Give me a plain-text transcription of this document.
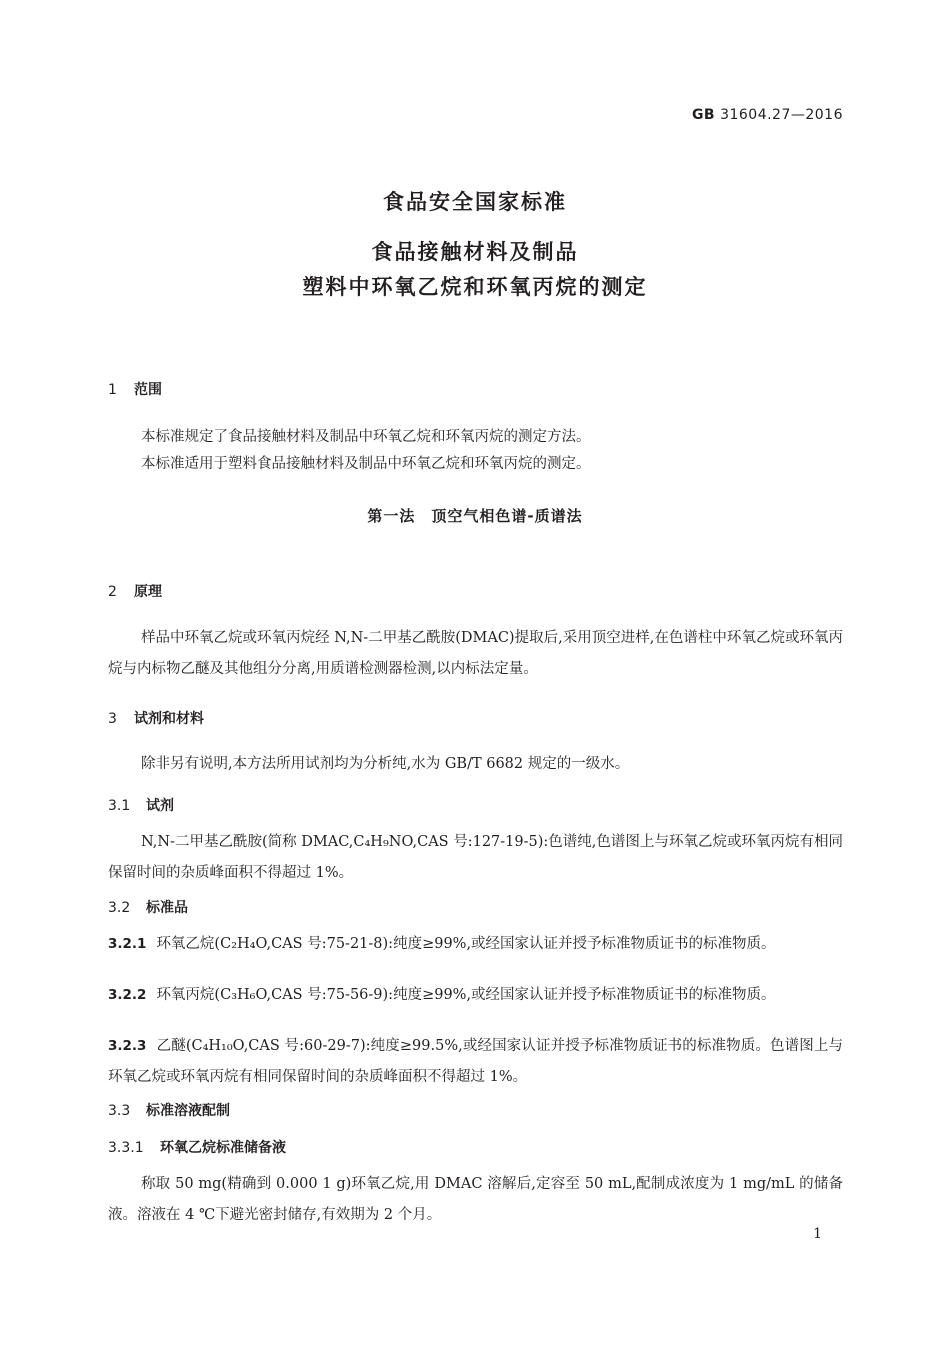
GB 31604.27—2016
食品安全国家标准
食品接触材料及制品
塑料中环氧乙烷和环氧丙烷的测定
1 范围
本标准规定了食品接触材料及制品中环氧乙烷和环氧丙烷的测定方法。
本标准适用于塑料食品接触材料及制品中环氧乙烷和环氧丙烷的测定。
第一法　顶空气相色谱-质谱法
2 原理
样品中环氧乙烷或环氧丙烷经 N,N-二甲基乙酰胺(DMAC)提取后,采用顶空进样,在色谱柱中环氧乙烷或环氧丙烷与内标物乙醚及其他组分分离,用质谱检测器检测,以内标法定量。
3 试剂和材料
除非另有说明,本方法所用试剂均为分析纯,水为 GB/T 6682 规定的一级水。
3.1 试剂
N,N-二甲基乙酰胺(简称 DMAC,C₄H₉NO,CAS 号:127-19-5):色谱纯,色谱图上与环氧乙烷或环氧丙烷有相同保留时间的杂质峰面积不得超过 1%。
3.2 标准品
3.2.1 环氧乙烷(C₂H₄O,CAS 号:75-21-8):纯度≥99%,或经国家认证并授予标准物质证书的标准物质。
3.2.2 环氧丙烷(C₃H₆O,CAS 号:75-56-9):纯度≥99%,或经国家认证并授予标准物质证书的标准物质。
3.2.3 乙醚(C₄H₁₀O,CAS 号:60-29-7):纯度≥99.5%,或经国家认证并授予标准物质证书的标准物质。色谱图上与环氧乙烷或环氧丙烷有相同保留时间的杂质峰面积不得超过 1%。
3.3 标准溶液配制
3.3.1 环氧乙烷标准储备液
称取 50 mg(精确到 0.000 1 g)环氧乙烷,用 DMAC 溶解后,定容至 50 mL,配制成浓度为 1 mg/mL 的储备液。溶液在 4 ℃下避光密封储存,有效期为 2 个月。
1
